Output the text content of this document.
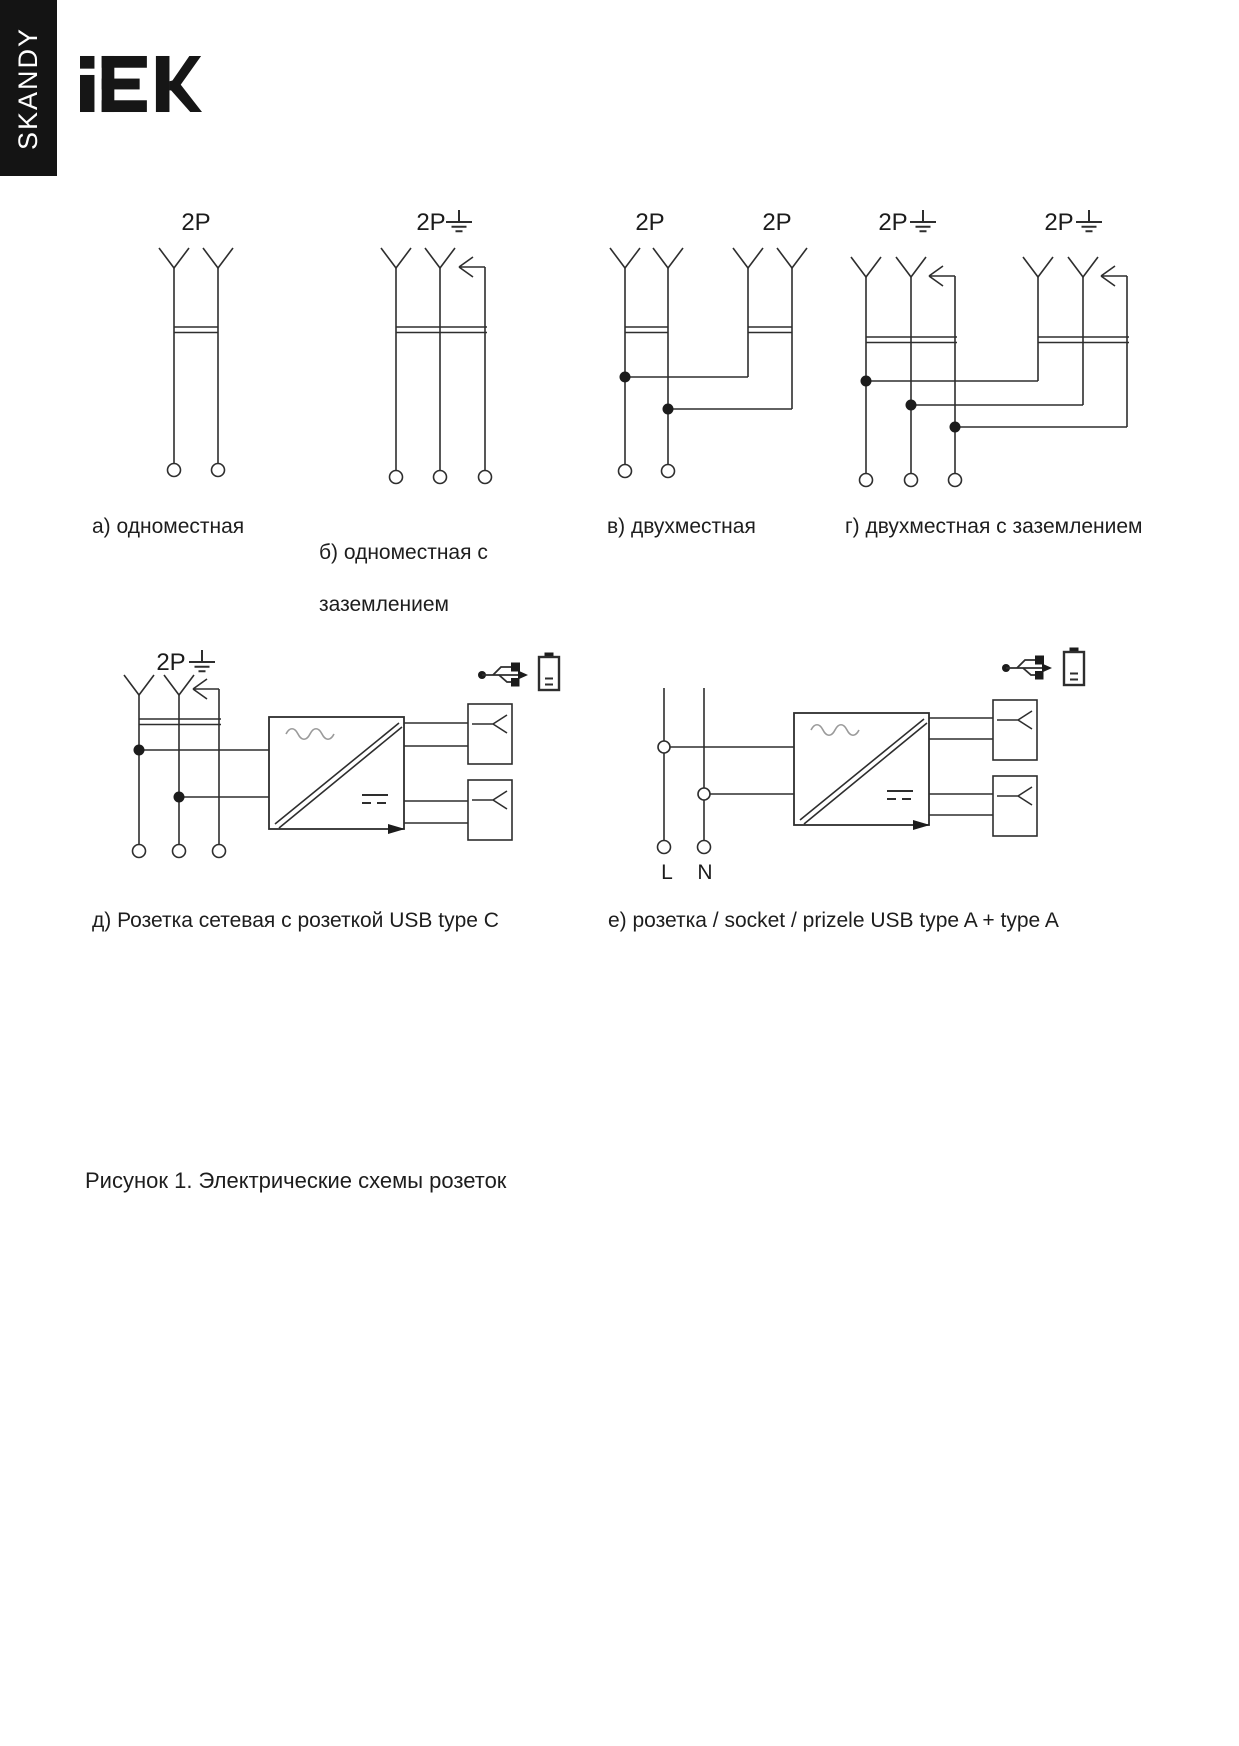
SKANDY
2P	2P	2P	2P	2P	2P
2P
L N
а) одноместная

б) одноместная с

заземлением

в) двухместная	г) двухместная с заземлением
д) Розетка сетевая с розеткой USB type C	е) розетка / socket / prizele USB type A + type A
Рисунок 1. Электрические схемы розеток
